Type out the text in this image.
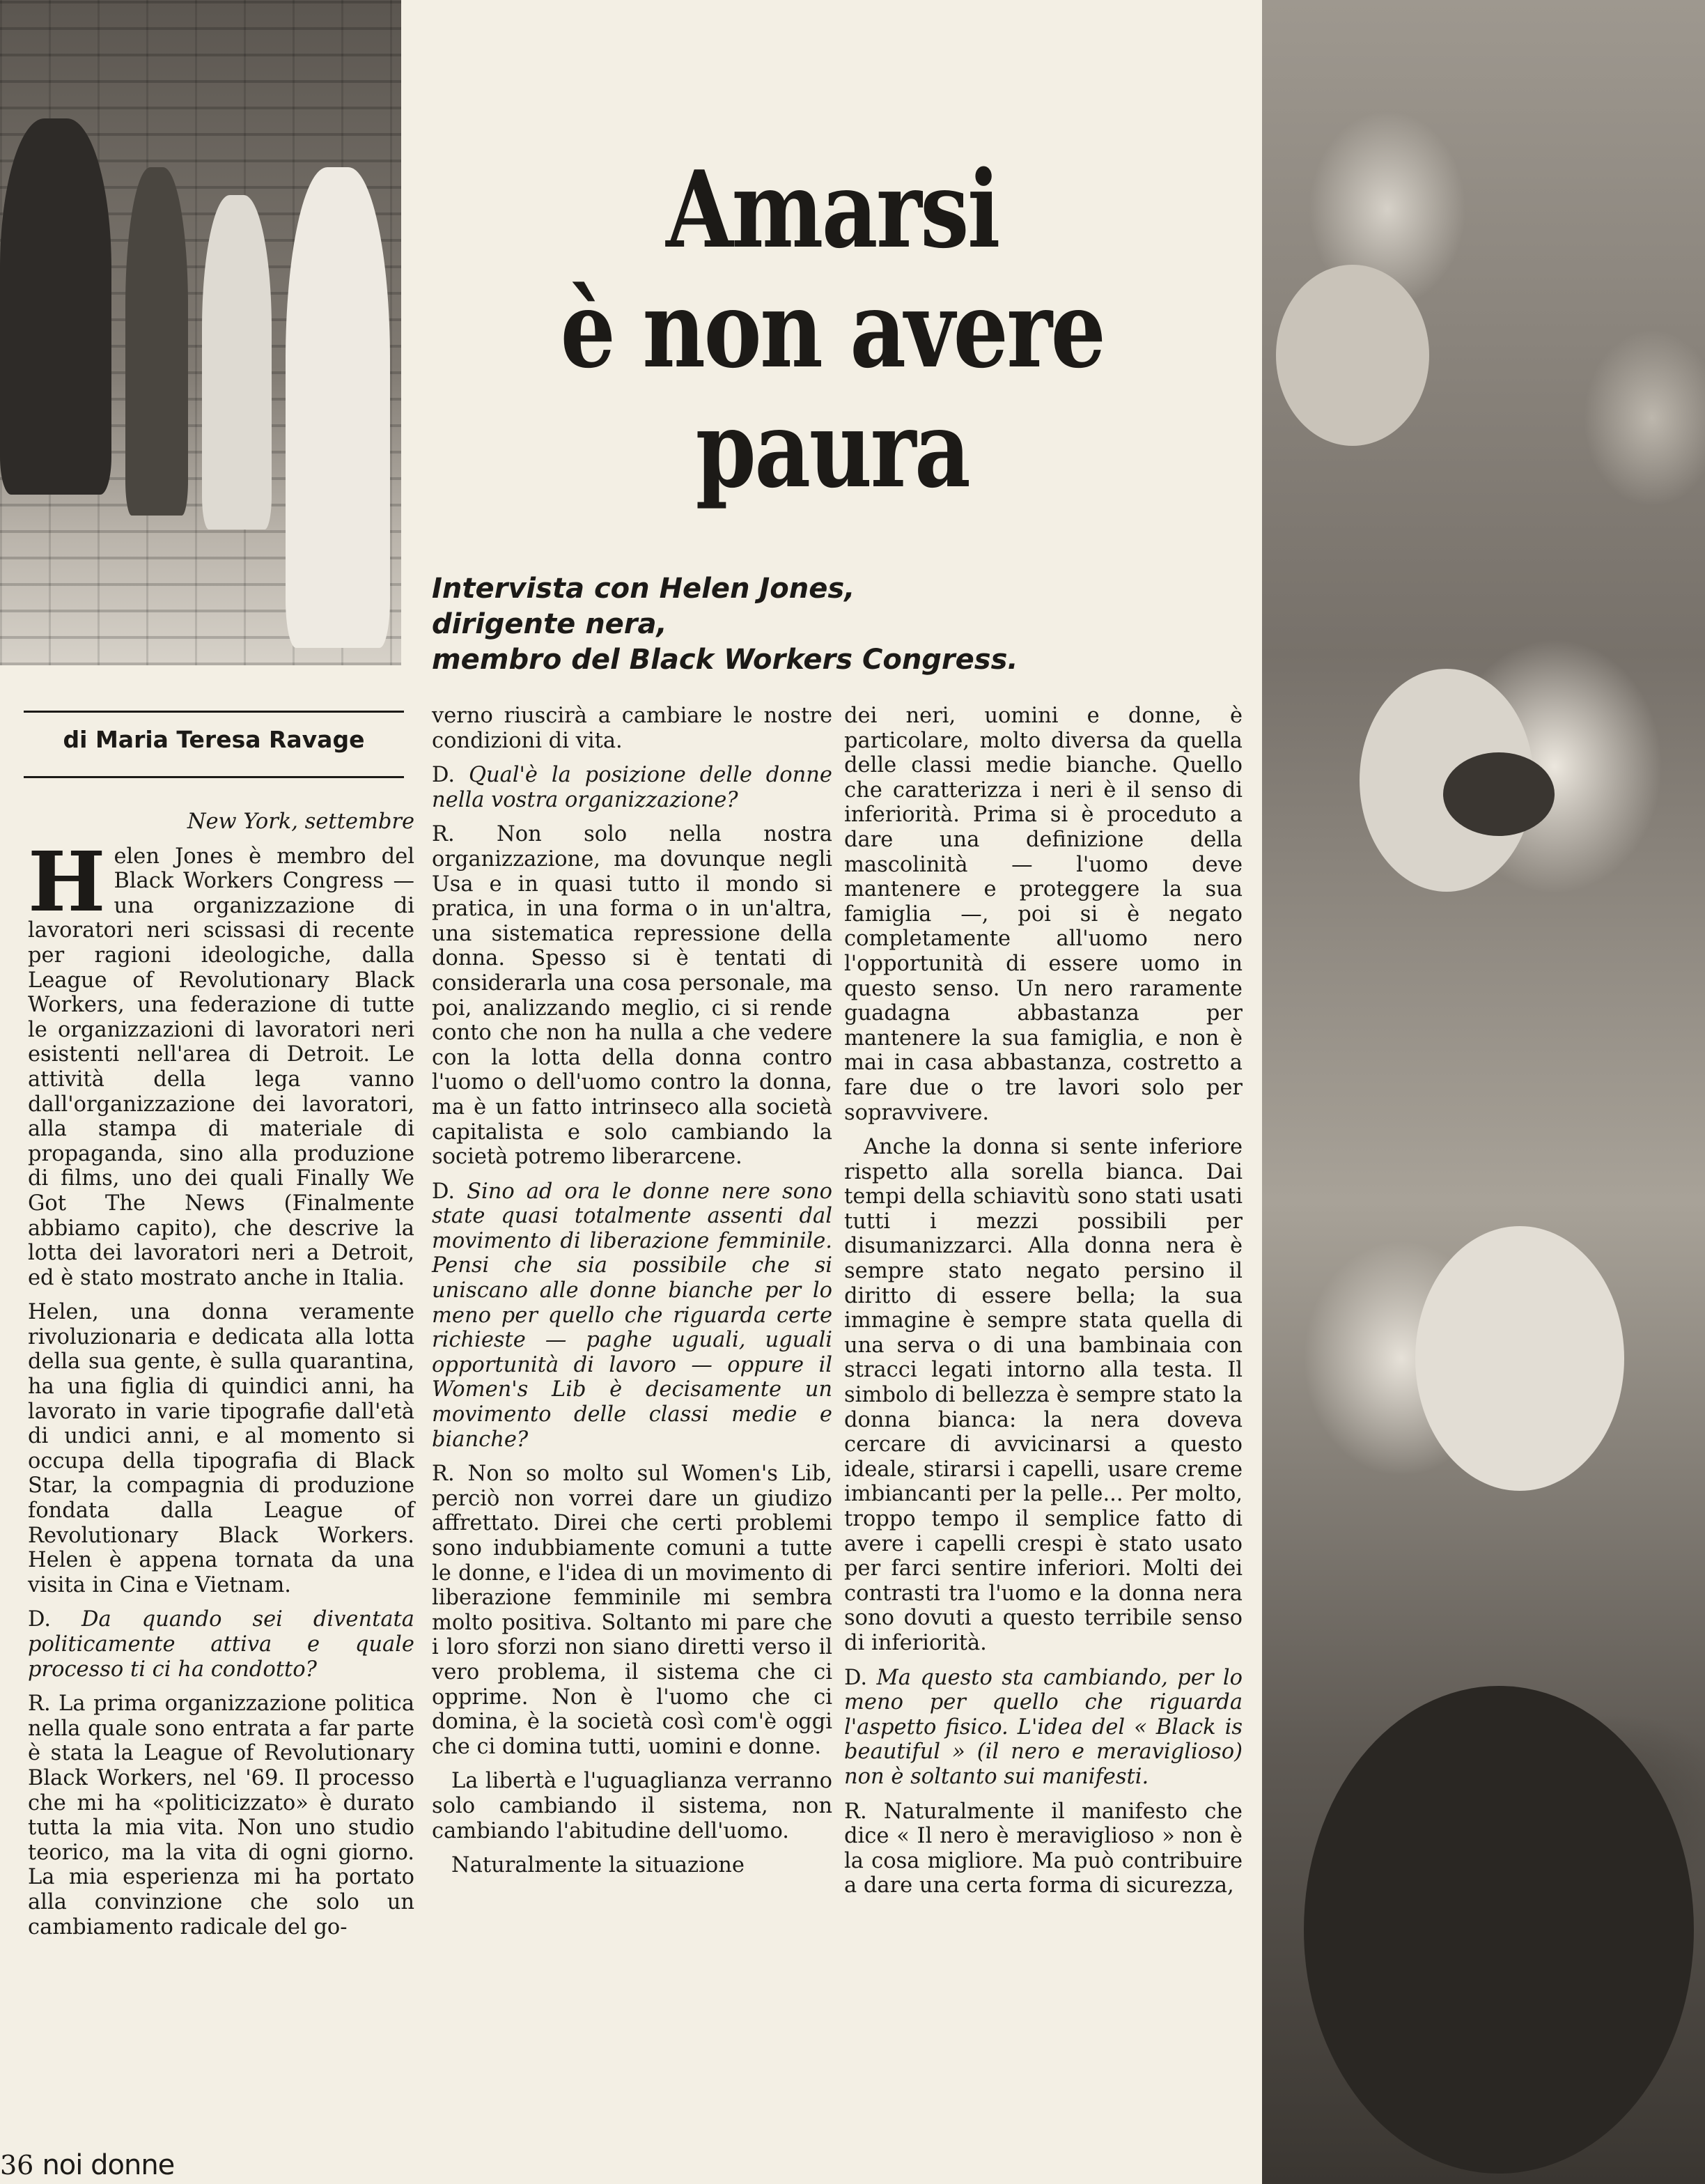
Amarsi
è non avere
paura
Intervista con Helen Jones,
dirigente nera,
membro del Black Workers Congress.

di Maria Teresa Ravage

New York, settembre

Helen Jones è membro del Black Workers Congress — una organizzazione di lavoratori neri scissasi di recente per ragioni ideologiche, dalla League of Revolutionary Black Workers, una federazione di tutte le organizzazioni di lavoratori neri esistenti nell'area di Detroit. Le attività della lega vanno dall'organizzazione dei lavoratori, alla stampa di materiale di propaganda, sino alla produzione di films, uno dei quali Finally We Got The News (Finalmente abbiamo capito), che descrive la lotta dei lavoratori neri a Detroit, ed è stato mostrato anche in Italia.

Helen, una donna veramente rivoluzionaria e dedicata alla lotta della sua gente, è sulla quarantina, ha una figlia di quindici anni, ha lavorato in varie tipografie dall'età di undici anni, e al momento si occupa della tipografia di Black Star, la compagnia di produzione fondata dalla League of Revolutionary Black Workers. Helen è appena tornata da una visita in Cina e Vietnam.

D. Da quando sei diventata politicamente attiva e quale processo ti ci ha condotto?

R. La prima organizzazione politica nella quale sono entrata a far parte è stata la League of Revolutionary Black Workers, nel '69. Il processo che mi ha «politicizzato» è durato tutta la mia vita. Non uno studio teorico, ma la vita di ogni giorno. La mia esperienza mi ha portato alla convinzione che solo un cambiamento radicale del go-

verno riuscirà a cambiare le nostre condizioni di vita.

D. Qual'è la posizione delle donne nella vostra organizzazione?

R. Non solo nella nostra organizzazione, ma dovunque negli Usa e in quasi tutto il mondo si pratica, in una forma o in un'altra, una sistematica repressione della donna. Spesso si è tentati di considerarla una cosa personale, ma poi, analizzando meglio, ci si rende conto che non ha nulla a che vedere con la lotta della donna contro l'uomo o dell'uomo contro la donna, ma è un fatto intrinseco alla società capitalista e solo cambiando la società potremo liberarcene.

D. Sino ad ora le donne nere sono state quasi totalmente assenti dal movimento di liberazione femminile. Pensi che sia possibile che si uniscano alle donne bianche per lo meno per quello che riguarda certe richieste — paghe uguali, uguali opportunità di lavoro — oppure il Women's Lib è decisamente un movimento delle classi medie e bianche?

R. Non so molto sul Women's Lib, perciò non vorrei dare un giudizo affrettato. Direi che certi problemi sono indubbiamente comuni a tutte le donne, e l'idea di un movimento di liberazione femminile mi sembra molto positiva. Soltanto mi pare che i loro sforzi non siano diretti verso il vero problema, il sistema che ci opprime. Non è l'uomo che ci domina, è la società così com'è oggi che ci domina tutti, uomini e donne.

La libertà e l'uguaglianza verranno solo cambiando il sistema, non cambiando l'abitudine dell'uomo.

Naturalmente la situazione

dei neri, uomini e donne, è particolare, molto diversa da quella delle classi medie bianche. Quello che caratterizza i neri è il senso di inferiorità. Prima si è proceduto a dare una definizione della mascolinità — l'uomo deve mantenere e proteggere la sua famiglia —, poi si è negato completamente all'uomo nero l'opportunità di essere uomo in questo senso. Un nero raramente guadagna abbastanza per mantenere la sua famiglia, e non è mai in casa abbastanza, costretto a fare due o tre lavori solo per sopravvivere.

Anche la donna si sente inferiore rispetto alla sorella bianca. Dai tempi della schiavitù sono stati usati tutti i mezzi possibili per disumanizzarci. Alla donna nera è sempre stato negato persino il diritto di essere bella; la sua immagine è sempre stata quella di una serva o di una bambinaia con stracci legati intorno alla testa. Il simbolo di bellezza è sempre stato la donna bianca: la nera doveva cercare di avvicinarsi a questo ideale, stirarsi i capelli, usare creme imbiancanti per la pelle... Per molto, troppo tempo il semplice fatto di avere i capelli crespi è stato usato per farci sentire inferiori. Molti dei contrasti tra l'uomo e la donna nera sono dovuti a questo terribile senso di inferiorità.

D. Ma questo sta cambiando, per lo meno per quello che riguarda l'aspetto fisico. L'idea del « Black is beautiful » (il nero e meraviglioso) non è soltanto sui manifesti.

R. Naturalmente il manifesto che dice « Il nero è meraviglioso » non è la cosa migliore. Ma può contribuire a dare una certa forma di sicurezza,

36 noi donne
